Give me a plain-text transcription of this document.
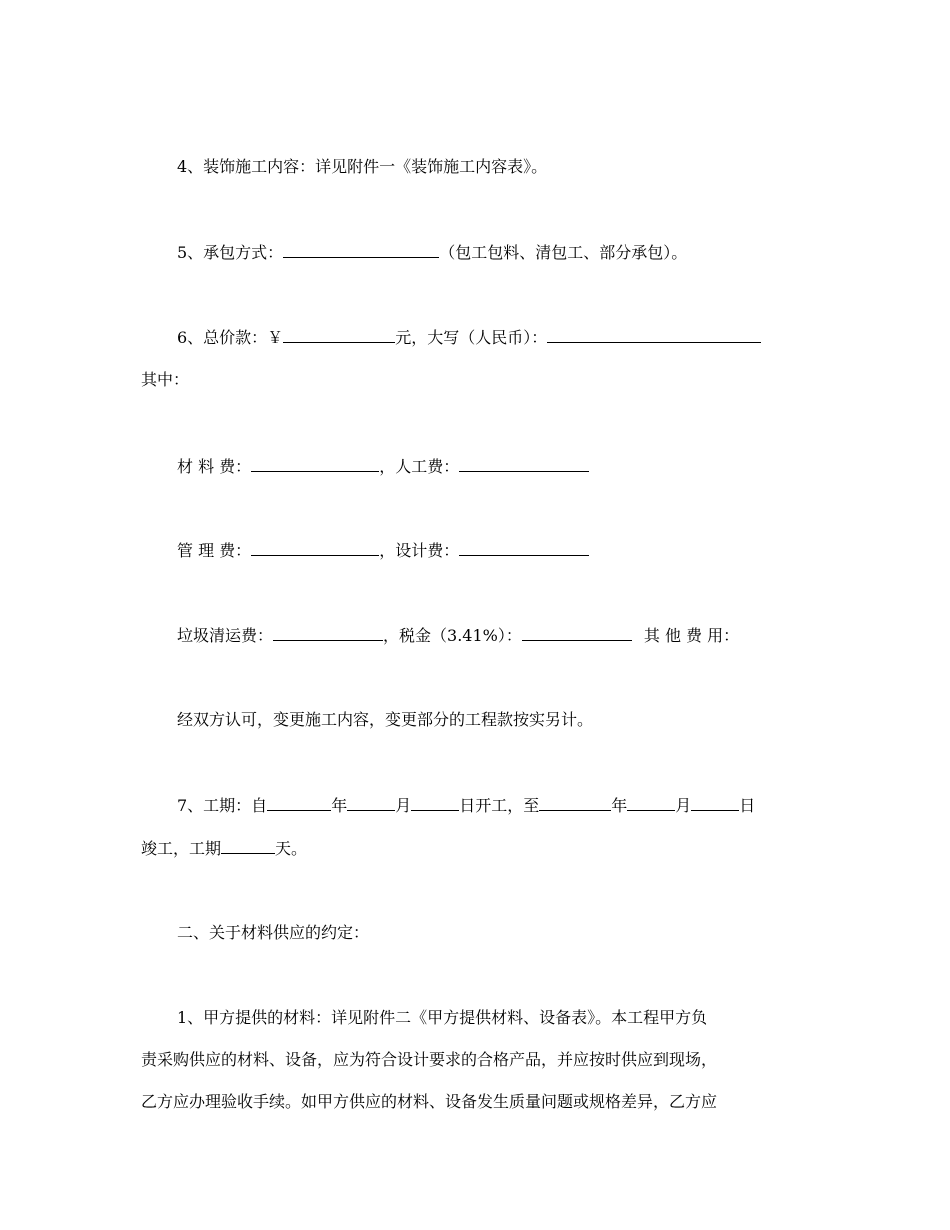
4、装饰施工内容：详见附件一《装饰施工内容表》。
5、承包方式：	（包工包料、清包工、部分承包）。
6、总价款：￥	元，大写（人民币）：
其中：
材 料 费：	，人工费：
管 理 费：	，设计费：
垃圾清运费：	，税金（3.41%）：	其 他 费 用：
经双方认可，变更施工内容，变更部分的工程款按实另计。
7、工期：自	年	月	日开工，至	年	月	日
竣工，工期	天。
二、关于材料供应的约定：
1、甲方提供的材料：详见附件二《甲方提供材料、设备表》。本工程甲方负
责采购供应的材料、设备，应为符合设计要求的合格产品，并应按时供应到现场，
乙方应办理验收手续。如甲方供应的材料、设备发生质量问题或规格差异，乙方应
